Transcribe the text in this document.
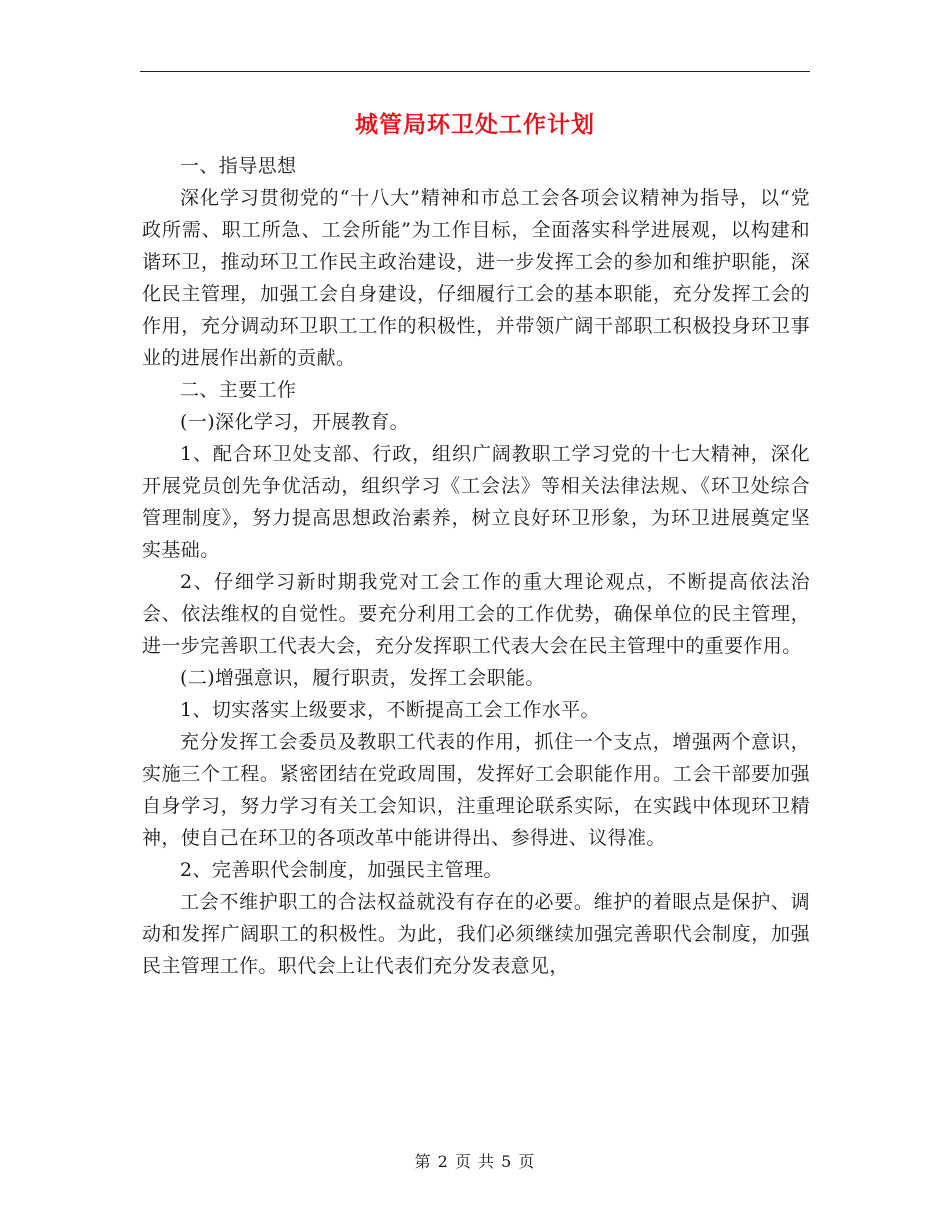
城管局环卫处工作计划

一、指导思想

深化学习贯彻党的“十八大”精神和市总工会各项会议精神为指导，以“党政所需、职工所急、工会所能”为工作目标，全面落实科学进展观，以构建和谐环卫，推动环卫工作民主政治建设，进一步发挥工会的参加和维护职能，深化民主管理，加强工会自身建设，仔细履行工会的基本职能，充分发挥工会的作用，充分调动环卫职工工作的积极性，并带领广阔干部职工积极投身环卫事业的进展作出新的贡献。

二、主要工作

(一)深化学习，开展教育。

1、配合环卫处支部、行政，组织广阔教职工学习党的十七大精神，深化开展党员创先争优活动，组织学习《工会法》等相关法律法规、《环卫处综合管理制度》，努力提高思想政治素养，树立良好环卫形象，为环卫进展奠定坚实基础。

2、仔细学习新时期我党对工会工作的重大理论观点，不断提高依法治会、依法维权的自觉性。要充分利用工会的工作优势，确保单位的民主管理，进一步完善职工代表大会，充分发挥职工代表大会在民主管理中的重要作用。

(二)增强意识，履行职责，发挥工会职能。

1、切实落实上级要求，不断提高工会工作水平。

充分发挥工会委员及教职工代表的作用，抓住一个支点，增强两个意识，实施三个工程。紧密团结在党政周围，发挥好工会职能作用。工会干部要加强自身学习，努力学习有关工会知识，注重理论联系实际，在实践中体现环卫精神，使自己在环卫的各项改革中能讲得出、参得进、议得准。

2、完善职代会制度，加强民主管理。

工会不维护职工的合法权益就没有存在的必要。维护的着眼点是保护、调动和发挥广阔职工的积极性。为此，我们必须继续加强完善职代会制度，加强民主管理工作。职代会上让代表们充分发表意见，

第 2 页 共 5 页
